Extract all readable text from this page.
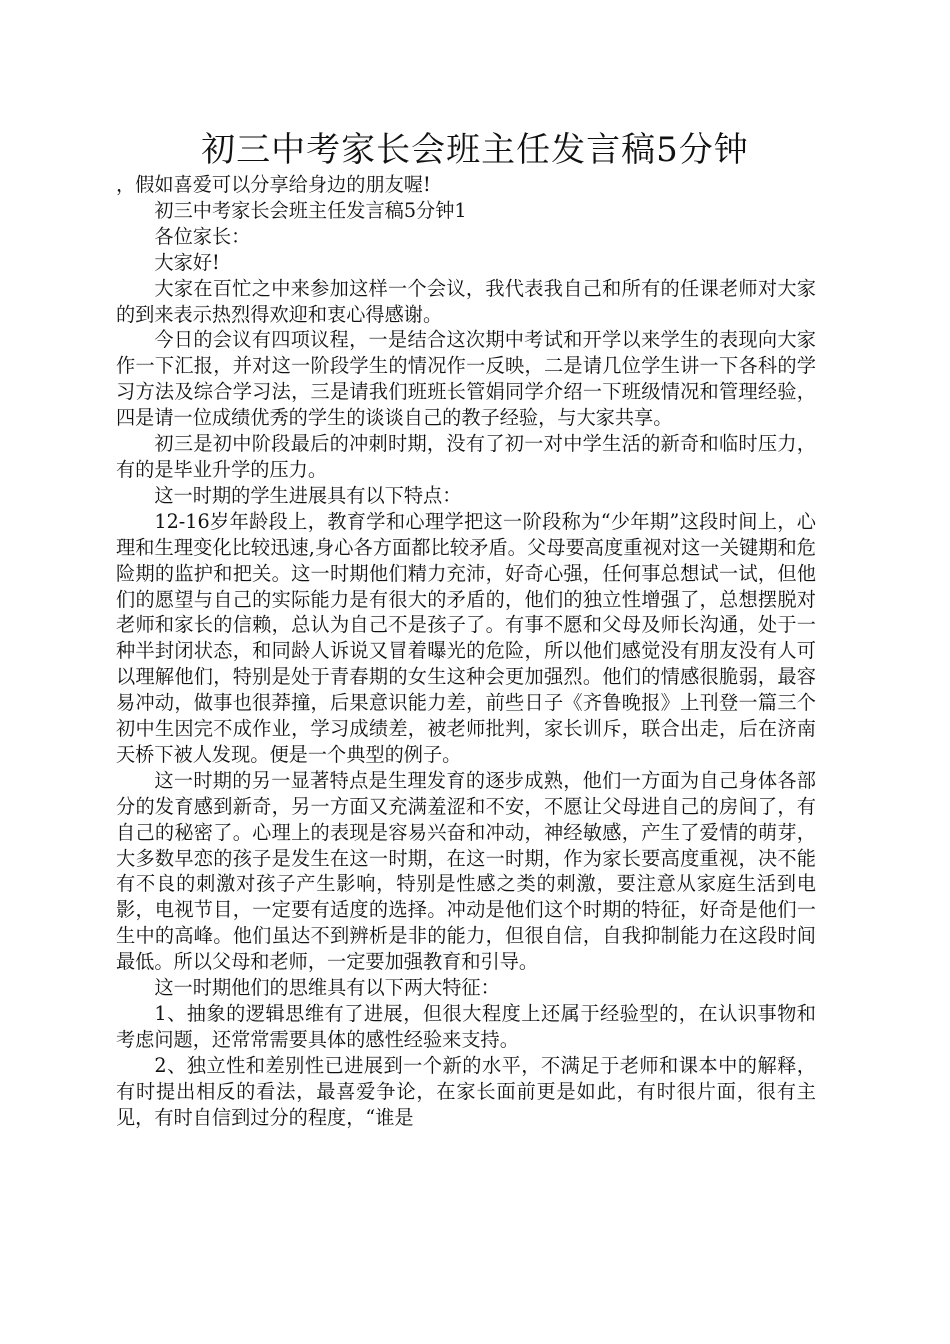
初三中考家长会班主任发言稿5分钟

，假如喜爱可以分享给身边的朋友喔!

初三中考家长会班主任发言稿5分钟1

各位家长：

大家好!

大家在百忙之中来参加这样一个会议，我代表我自己和所有的任课老师对大家的到来表示热烈得欢迎和衷心得感谢。

今日的会议有四项议程，一是结合这次期中考试和开学以来学生的表现向大家作一下汇报，并对这一阶段学生的情况作一反映，二是请几位学生讲一下各科的学习方法及综合学习法，三是请我们班班长管娟同学介绍一下班级情况和管理经验，四是请一位成绩优秀的学生的谈谈自己的教子经验，与大家共享。

初三是初中阶段最后的冲刺时期，没有了初一对中学生活的新奇和临时压力，有的是毕业升学的压力。

这一时期的学生进展具有以下特点：

12-16岁年龄段上，教育学和心理学把这一阶段称为“少年期”这段时间上，心理和生理变化比较迅速,身心各方面都比较矛盾。父母要高度重视对这一关键期和危险期的监护和把关。这一时期他们精力充沛，好奇心强，任何事总想试一试，但他们的愿望与自己的实际能力是有很大的矛盾的，他们的独立性增强了，总想摆脱对老师和家长的信赖，总认为自己不是孩子了。有事不愿和父母及师长沟通，处于一种半封闭状态，和同龄人诉说又冒着曝光的危险，所以他们感觉没有朋友没有人可以理解他们，特别是处于青春期的女生这种会更加强烈。他们的情感很脆弱，最容易冲动，做事也很莽撞，后果意识能力差，前些日子《齐鲁晚报》上刊登一篇三个初中生因完不成作业，学习成绩差，被老师批判，家长训斥，联合出走，后在济南天桥下被人发现。便是一个典型的例子。

这一时期的另一显著特点是生理发育的逐步成熟，他们一方面为自己身体各部分的发育感到新奇，另一方面又充满羞涩和不安，不愿让父母进自己的房间了，有自己的秘密了。心理上的表现是容易兴奋和冲动，神经敏感，产生了爱情的萌芽，大多数早恋的孩子是发生在这一时期，在这一时期，作为家长要高度重视，决不能有不良的刺激对孩子产生影响，特别是性感之类的刺激，要注意从家庭生活到电影，电视节目，一定要有适度的选择。冲动是他们这个时期的特征，好奇是他们一生中的高峰。他们虽达不到辨析是非的能力，但很自信，自我抑制能力在这段时间最低。所以父母和老师，一定要加强教育和引导。

这一时期他们的思维具有以下两大特征：

1、抽象的逻辑思维有了进展，但很大程度上还属于经验型的，在认识事物和考虑问题，还常常需要具体的感性经验来支持。

2、独立性和差别性已进展到一个新的水平，不满足于老师和课本中的解释，有时提出相反的看法，最喜爱争论，在家长面前更是如此，有时很片面，很有主见，有时自信到过分的程度，“谁是
